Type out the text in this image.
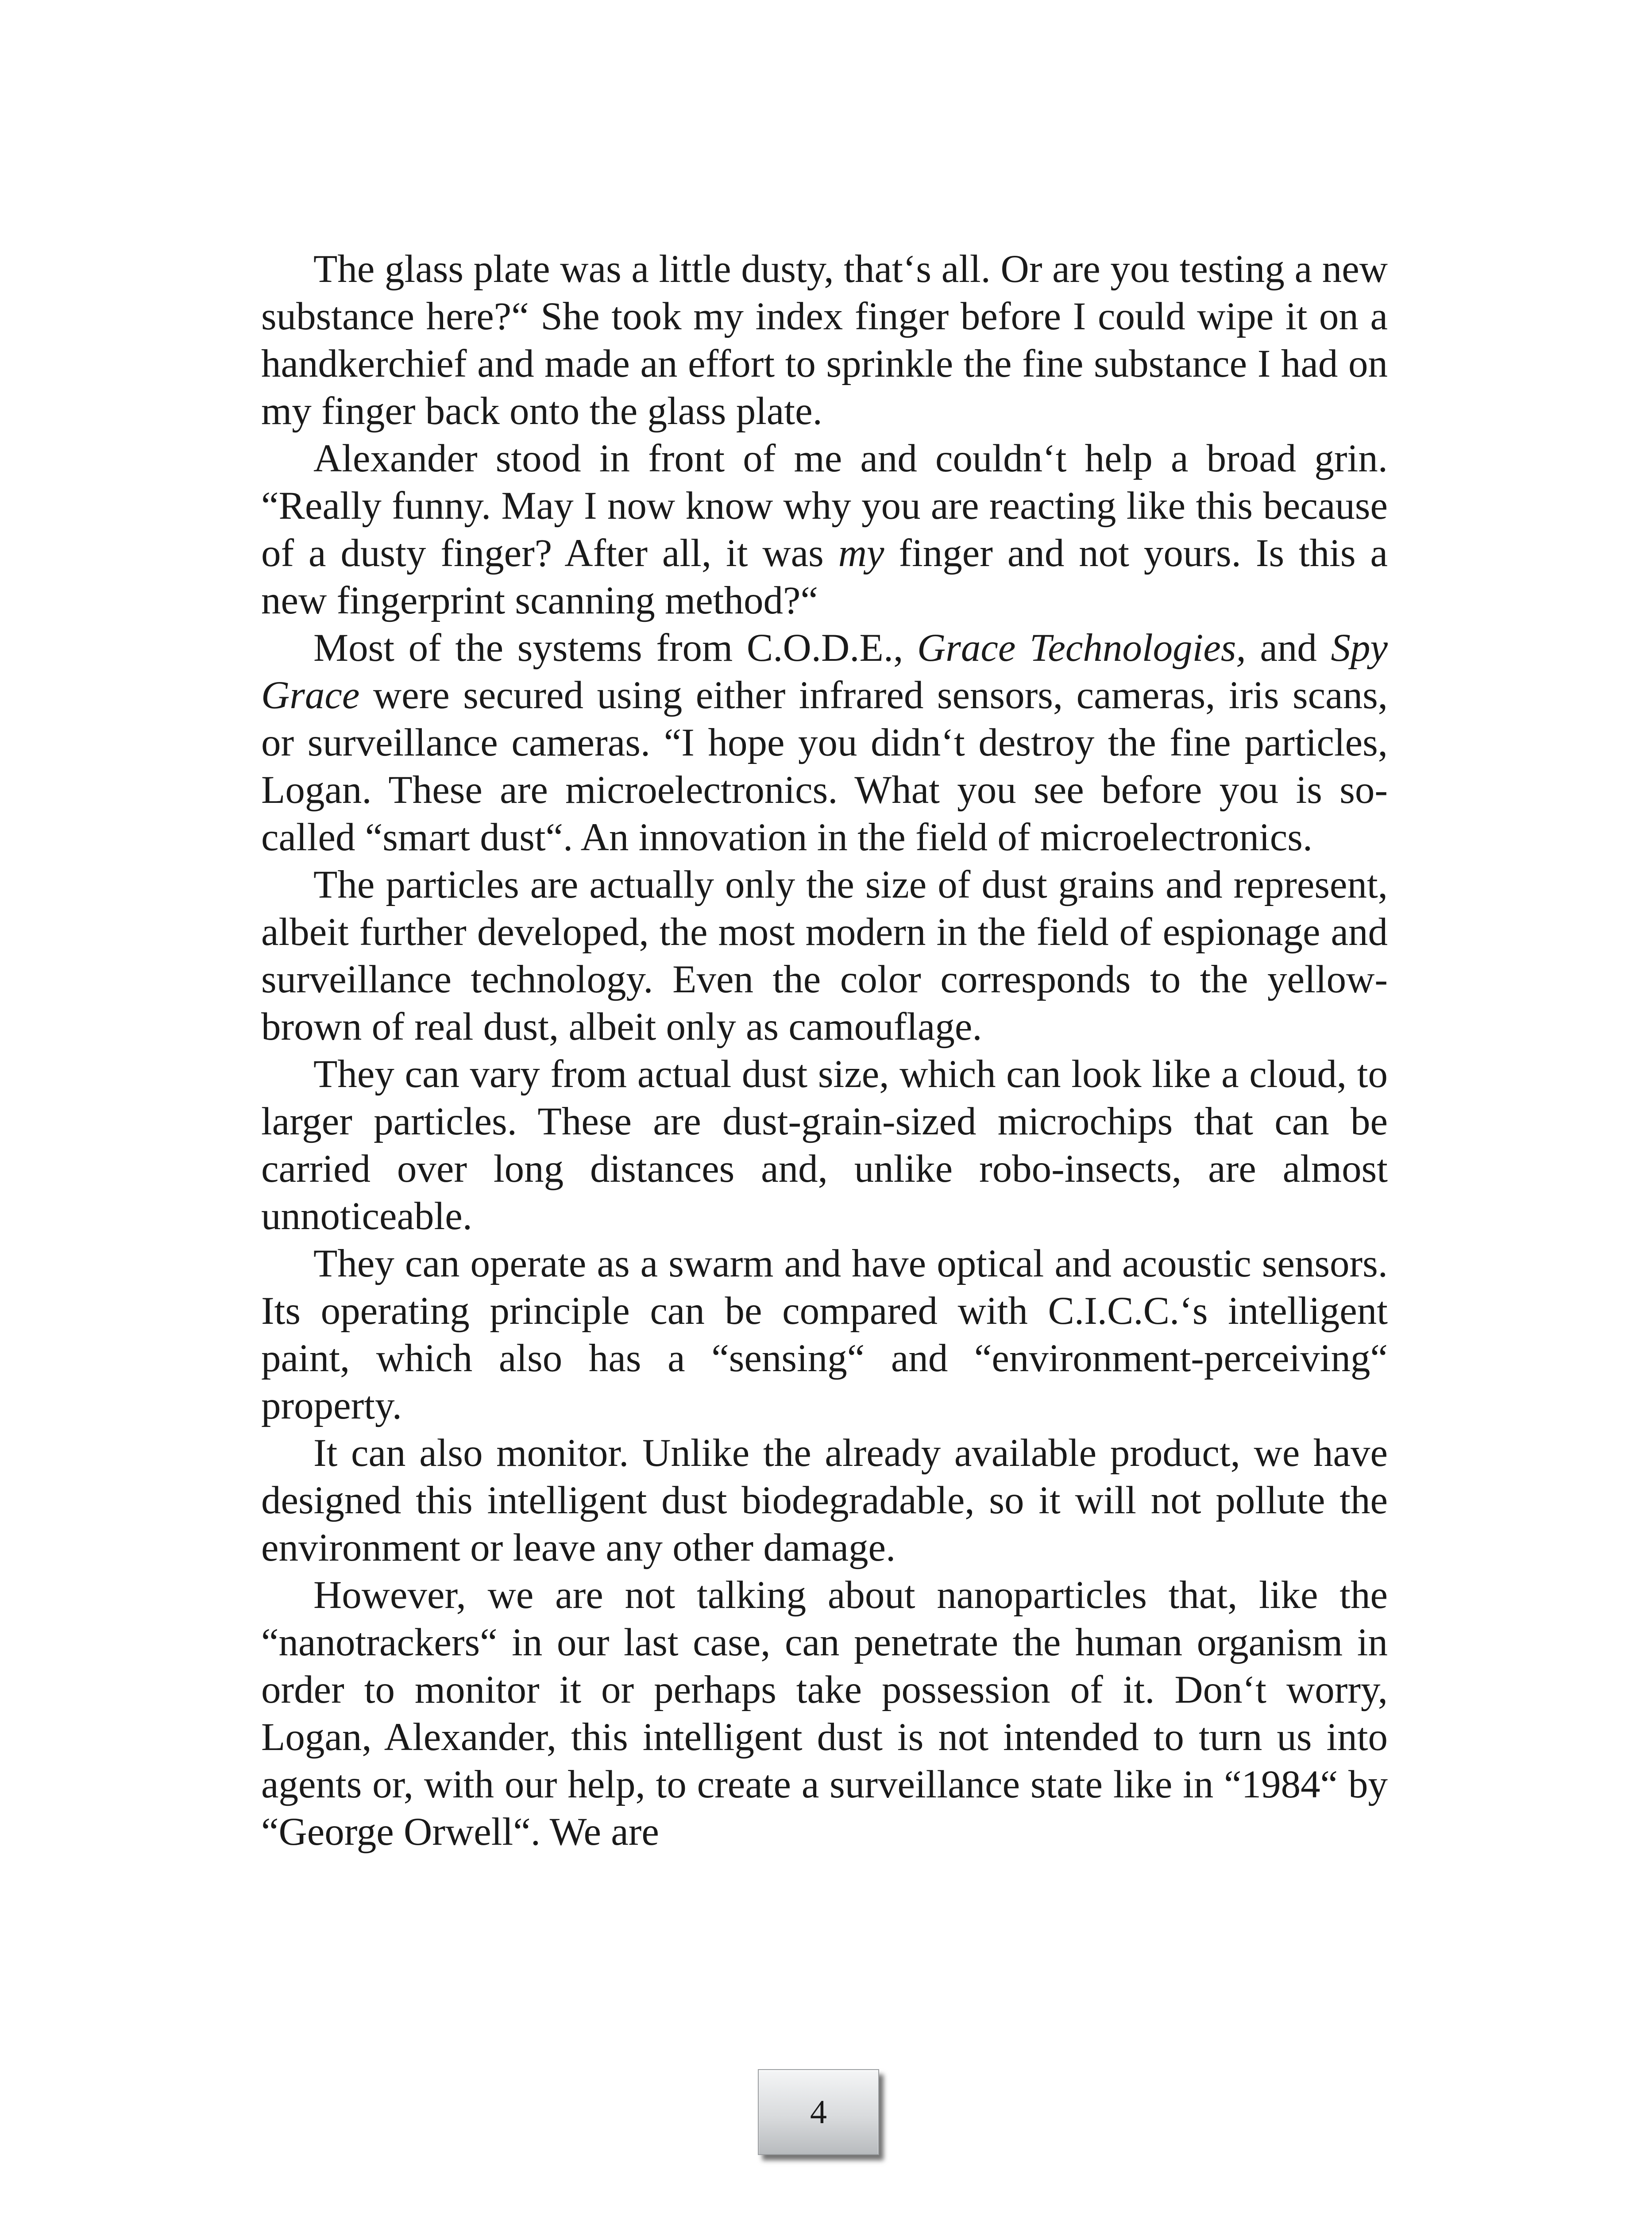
The glass plate was a little dusty, that‘s all. Or are you testing a new substance here?“ She took my index finger before I could wipe it on a handkerchief and made an effort to sprinkle the fine substance I had on my finger back onto the glass plate.

Alexander stood in front of me and couldn‘t help a broad grin. “Really funny. May I now know why you are reacting like this because of a dusty finger? After all, it was my finger and not yours. Is this a new fingerprint scanning method?“

Most of the systems from C.O.D.E., Grace Technologies, and Spy Grace were secured using either infrared sensors, cameras, iris scans, or surveillance cameras. “I hope you didn‘t destroy the fine particles, Logan. These are microelectronics. What you see before you is so-called “smart dust“. An innovation in the field of microelectronics.

The particles are actually only the size of dust grains and represent, albeit further developed, the most modern in the field of espionage and surveillance technology. Even the color corresponds to the yellow-brown of real dust, albeit only as camouflage.

They can vary from actual dust size, which can look like a cloud, to larger particles. These are dust-grain-sized microchips that can be carried over long distances and, unlike robo-insects, are almost unnoticeable.

They can operate as a swarm and have optical and acoustic sensors. Its operating principle can be compared with C.I.C.C.‘s intelligent paint, which also has a “sensing“ and “environment-perceiving“ property.

It can also monitor. Unlike the already available product, we have designed this intelligent dust biodegradable, so it will not pollute the environment or leave any other damage.

However, we are not talking about nanoparticles that, like the “nanotrackers“ in our last case, can penetrate the human organism in order to monitor it or perhaps take possession of it. Don‘t worry, Logan, Alexander, this intelligent dust is not intended to turn us into agents or, with our help, to create a surveillance state like in “1984“ by “George Orwell“. We are

4
